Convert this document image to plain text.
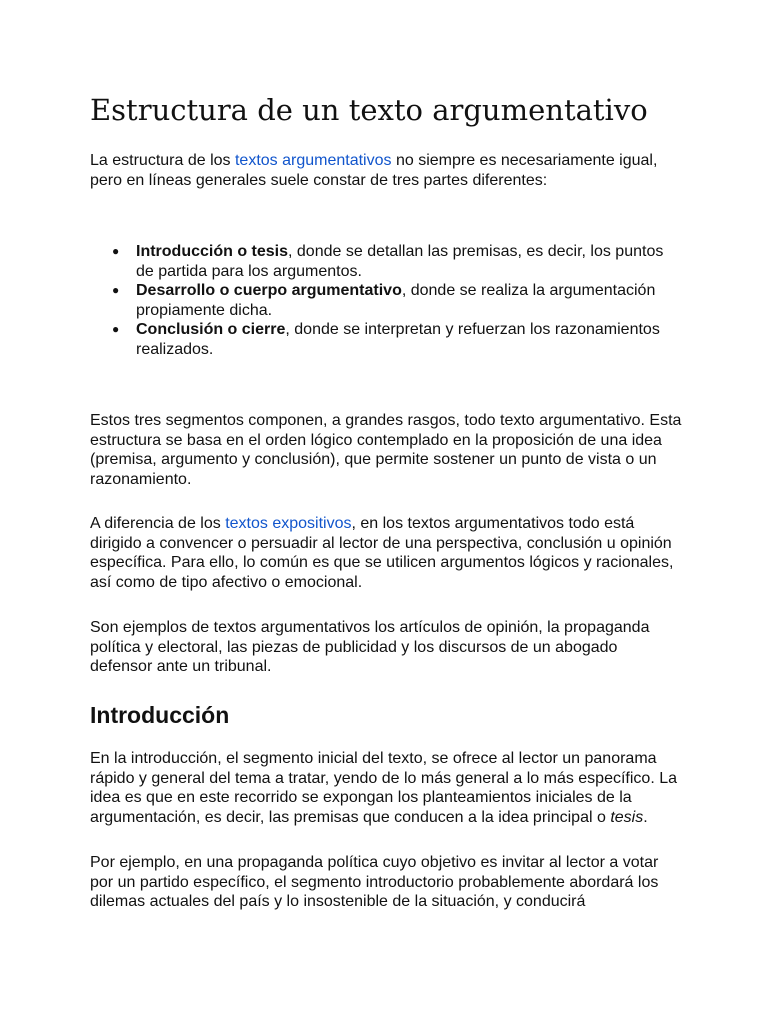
Estructura de un texto argumentativo

La estructura de los textos argumentativos no siempre es necesariamente igual, pero en líneas generales suele constar de tres partes diferentes:

● Introducción o tesis, donde se detallan las premisas, es decir, los puntos de partida para los argumentos.
● Desarrollo o cuerpo argumentativo, donde se realiza la argumentación propiamente dicha.
● Conclusión o cierre, donde se interpretan y refuerzan los razonamientos realizados.

Estos tres segmentos componen, a grandes rasgos, todo texto argumentativo. Esta estructura se basa en el orden lógico contemplado en la proposición de una idea (premisa, argumento y conclusión), que permite sostener un punto de vista o un razonamiento.

A diferencia de los textos expositivos, en los textos argumentativos todo está dirigido a convencer o persuadir al lector de una perspectiva, conclusión u opinión específica. Para ello, lo común es que se utilicen argumentos lógicos y racionales, así como de tipo afectivo o emocional.

Son ejemplos de textos argumentativos los artículos de opinión, la propaganda política y electoral, las piezas de publicidad y los discursos de un abogado defensor ante un tribunal.

Introducción

En la introducción, el segmento inicial del texto, se ofrece al lector un panorama rápido y general del tema a tratar, yendo de lo más general a lo más específico. La idea es que en este recorrido se expongan los planteamientos iniciales de la argumentación, es decir, las premisas que conducen a la idea principal o tesis.

Por ejemplo, en una propaganda política cuyo objetivo es invitar al lector a votar por un partido específico, el segmento introductorio probablemente abordará los dilemas actuales del país y lo insostenible de la situación, y conducirá
